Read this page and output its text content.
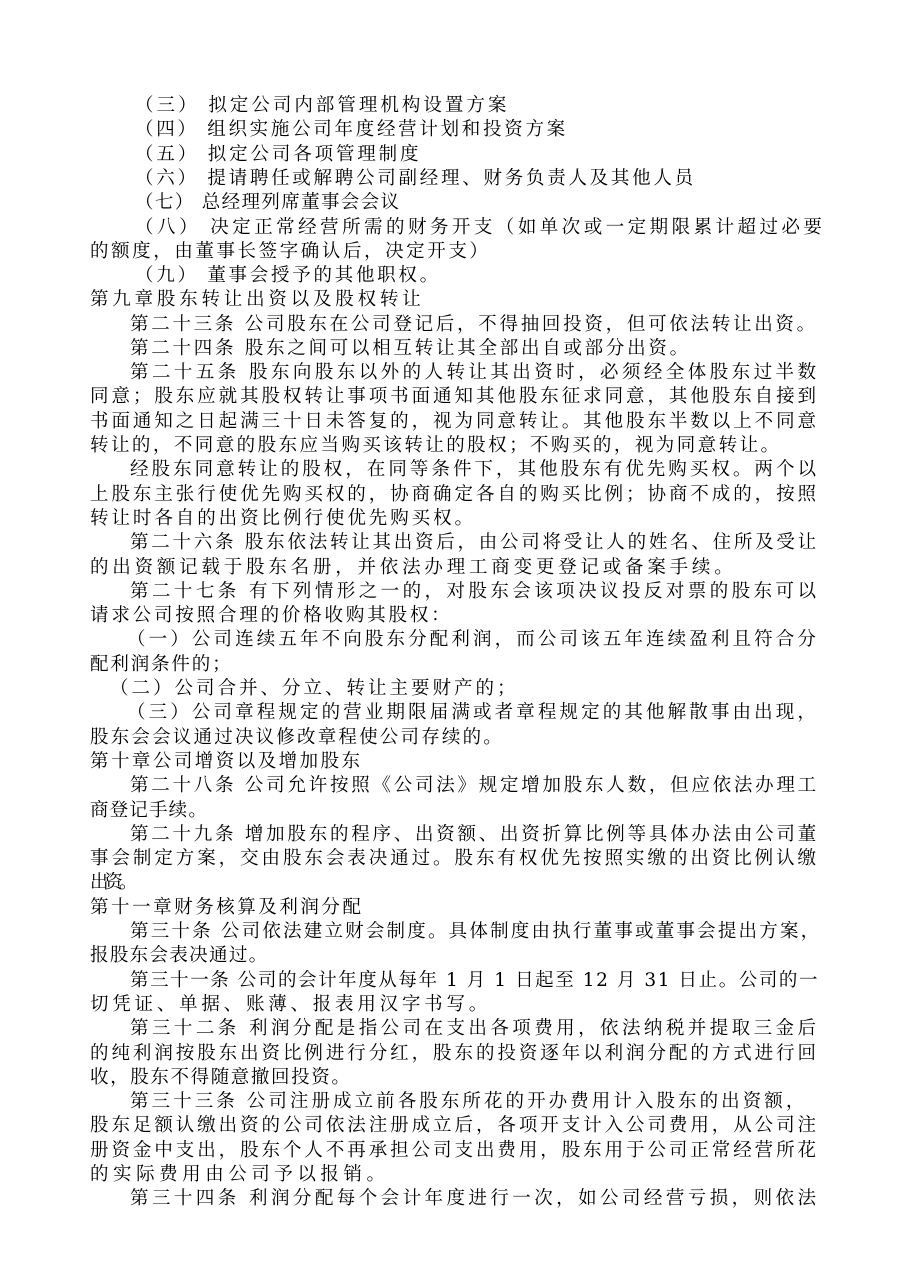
（三） 拟定公司内部管理机构设置方案
（四） 组织实施公司年度经营计划和投资方案
（五） 拟定公司各项管理制度
（六） 提请聘任或解聘公司副经理、财务负责人及其他人员
（七） 总经理列席董事会会议
（八） 决定正常经营所需的财务开支（如单次或一定期限累计超过必要
的额度，由董事长签字确认后，决定开支）
（九） 董事会授予的其他职权。
第九章股东转让出资以及股权转让
第二十三条 公司股东在公司登记后，不得抽回投资，但可依法转让出资。
第二十四条 股东之间可以相互转让其全部出自或部分出资。
第二十五条 股东向股东以外的人转让其出资时，必须经全体股东过半数
同意；股东应就其股权转让事项书面通知其他股东征求同意，其他股东自接到
书面通知之日起满三十日未答复的，视为同意转让。其他股东半数以上不同意
转让的，不同意的股东应当购买该转让的股权；不购买的，视为同意转让。
经股东同意转让的股权，在同等条件下，其他股东有优先购买权。两个以
上股东主张行使优先购买权的，协商确定各自的购买比例；协商不成的，按照
转让时各自的出资比例行使优先购买权。
第二十六条 股东依法转让其出资后，由公司将受让人的姓名、住所及受让
的出资额记载于股东名册，并依法办理工商变更登记或备案手续。
第二十七条 有下列情形之一的，对股东会该项决议投反对票的股东可以
请求公司按照合理的价格收购其股权：
（一）公司连续五年不向股东分配利润，而公司该五年连续盈利且符合分
配利润条件的；
（二）公司合并、分立、转让主要财产的；
（三）公司章程规定的营业期限届满或者章程规定的其他解散事由出现，
股东会会议通过决议修改章程使公司存续的。
第十章公司增资以及增加股东
第二十八条 公司允许按照《公司法》规定增加股东人数，但应依法办理工
商登记手续。
第二十九条 增加股东的程序、出资额、出资折算比例等具体办法由公司董
事会制定方案，交由股东会表决通过。股东有权优先按照实缴的出资比例认缴
出资。
第十一章财务核算及利润分配
第三十条 公司依法建立财会制度。具体制度由执行董事或董事会提出方案，
报股东会表决通过。
第三十一条 公司的会计年度从每年 1 月 1 日起至 12 月 31 日止。公司的一
切凭证、单据、账薄、报表用汉字书写。
第三十二条 利润分配是指公司在支出各项费用，依法纳税并提取三金后
的纯利润按股东出资比例进行分红，股东的投资逐年以利润分配的方式进行回
收，股东不得随意撤回投资。
第三十三条 公司注册成立前各股东所花的开办费用计入股东的出资额，
股东足额认缴出资的公司依法注册成立后，各项开支计入公司费用，从公司注
册资金中支出，股东个人不再承担公司支出费用，股东用于公司正常经营所花
的实际费用由公司予以报销。
第三十四条 利润分配每个会计年度进行一次，如公司经营亏损，则依法
